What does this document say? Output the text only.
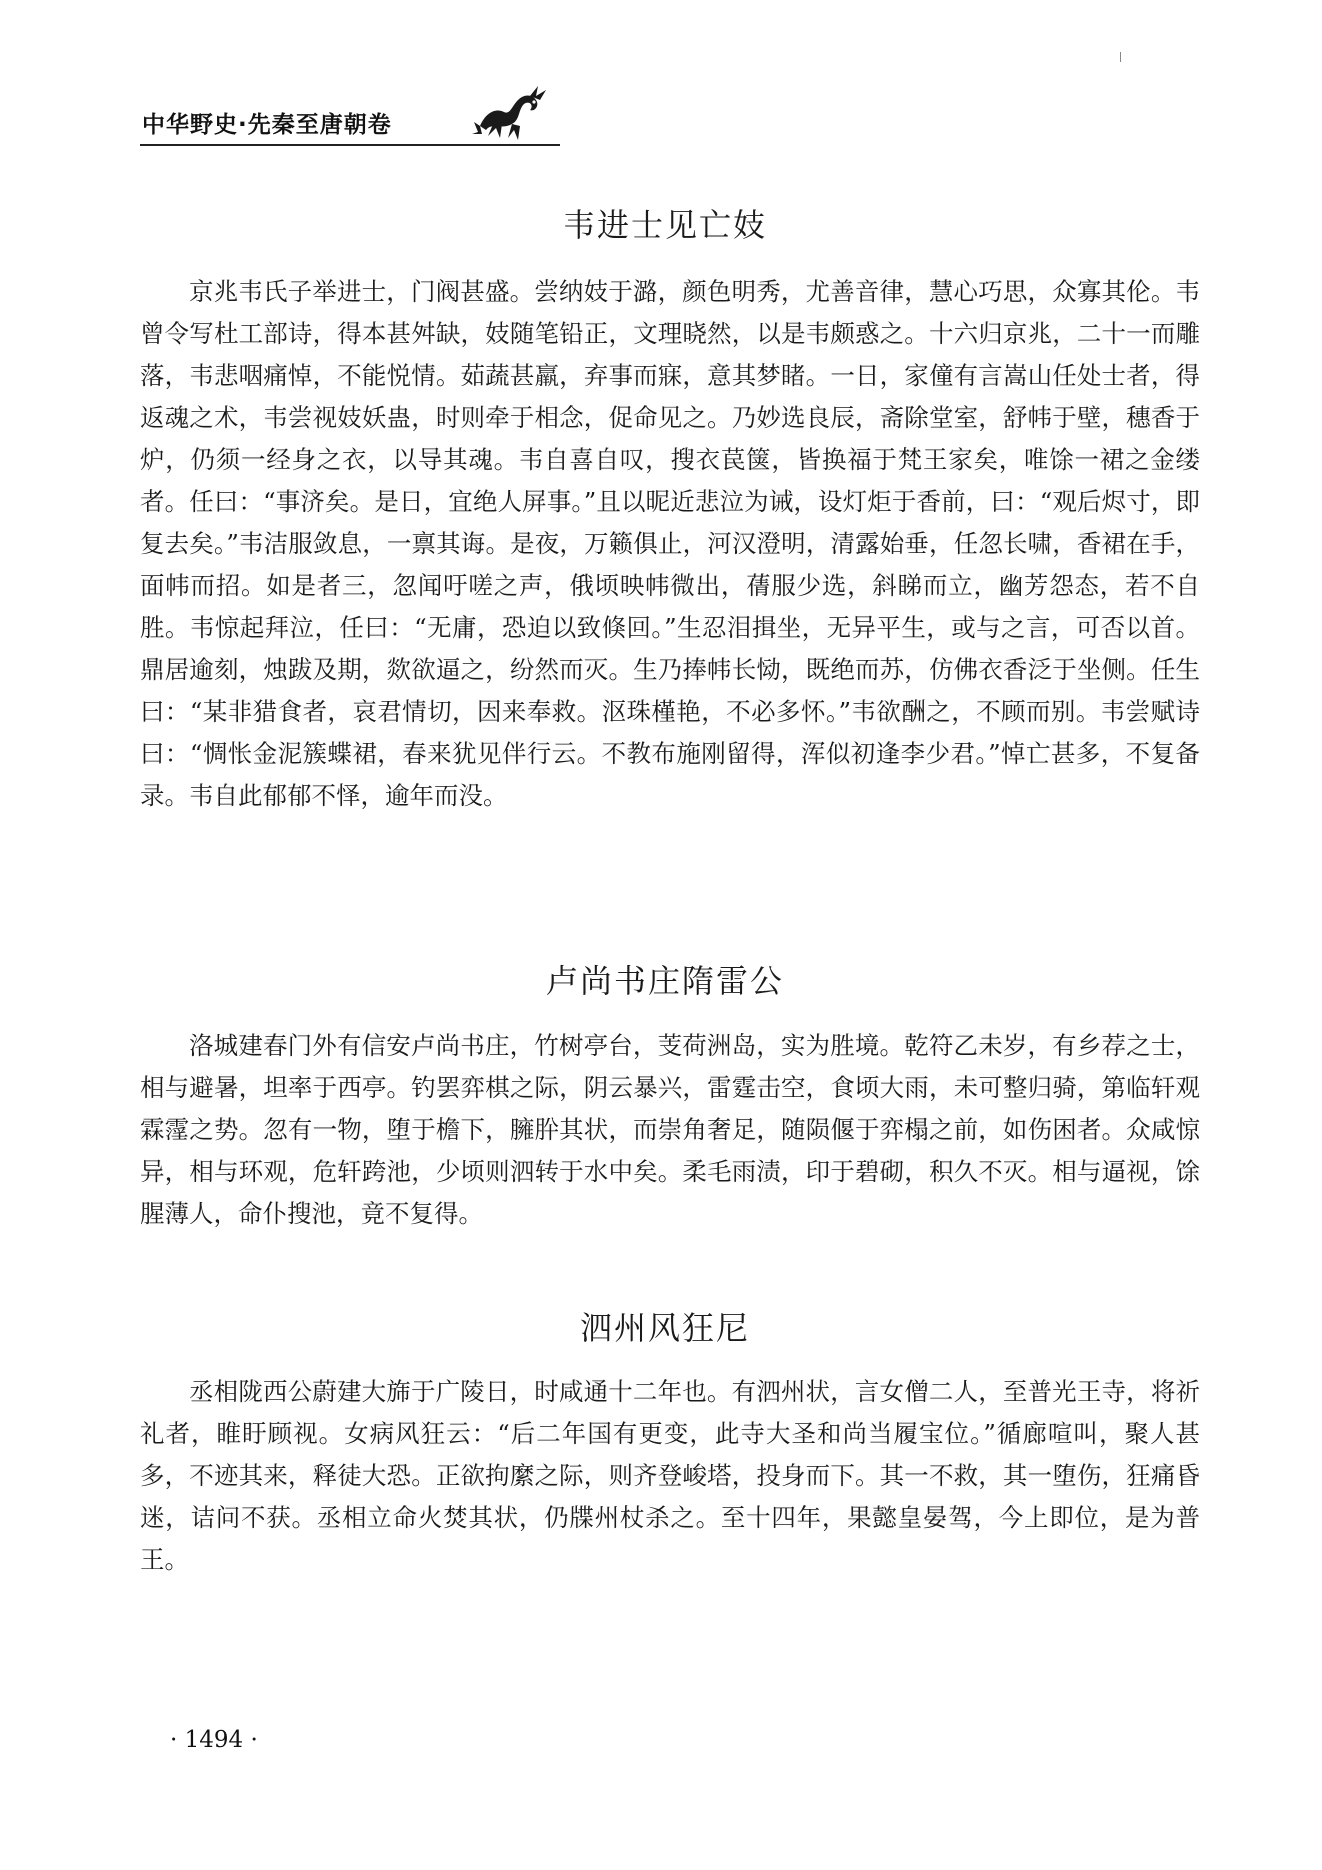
中华野史·先秦至唐朝卷
韦进士见亡妓

京兆韦氏子举进士，门阀甚盛。尝纳妓于潞，颜色明秀，尤善音律，慧心巧思，众寡其伦。韦曾令写杜工部诗，得本甚舛缺，妓随笔铅正，文理晓然，以是韦颇惑之。十六归京兆，二十一而雕落，韦悲咽痛悼，不能悦情。茹蔬甚羸，弃事而寐，意其梦睹。一日，家僮有言嵩山任处士者，得返魂之术，韦尝视妓妖蛊，时则牵于相念，促命见之。乃妙选良辰，斋除堂室，舒帏于壁，穗香于炉，仍须一经身之衣，以导其魂。韦自喜自叹，搜衣苠箧，皆换福于梵王家矣，唯馀一裙之金缕者。任曰：“事济矣。是日，宜绝人屏事。”且以昵近悲泣为诫，设灯炬于香前，曰：“观后烬寸，即复去矣。”韦洁服敛息，一禀其诲。是夜，万籁俱止，河汉澄明，清露始垂，任忽长啸，香裙在手，面帏而招。如是者三，忽闻吁嗟之声，俄顷映帏微出，蒨服少选，斜睇而立，幽芳怨态，若不自胜。韦惊起拜泣，任曰：“无庸，恐迫以致倏回。”生忍泪揖坐，无异平生，或与之言，可否以首。鼎居逾刻，烛跋及期，欻欲逼之，纷然而灭。生乃捧帏长恸，既绝而苏，仿佛衣香泛于坐侧。任生曰：“某非猎食者，哀君情切，因来奉救。沤珠槿艳，不必多怀。”韦欲酬之，不顾而别。韦尝赋诗曰：“惆怅金泥簇蝶裙，春来犹见伴行云。不教布施刚留得，浑似初逢李少君。”悼亡甚多，不复备录。韦自此郁郁不怿，逾年而没。

卢尚书庄隋雷公

洛城建春门外有信安卢尚书庄，竹树亭台，芰荷洲岛，实为胜境。乾符乙未岁，有乡荐之士，相与避暑，坦率于西亭。钓罢弈棋之际，阴云暴兴，雷霆击空，食顷大雨，未可整归骑，第临轩观霖霪之势。忽有一物，堕于檐下，臃肸其状，而崇角奢足，随陨偃于弈榻之前，如伤困者。众咸惊异，相与环观，危轩跨池，少顷则泗转于水中矣。柔毛雨渍，印于碧砌，积久不灭。相与逼视，馀腥薄人，命仆搜池，竟不复得。

泗州风狂尼

丞相陇西公蔚建大旆于广陵日，时咸通十二年也。有泗州状，言女僧二人，至普光王寺，将祈礼者，睢盱顾视。女病风狂云：“后二年国有更变，此寺大圣和尚当履宝位。”循廊喧叫，聚人甚多，不迹其来，释徒大恐。正欲拘縻之际，则齐登峻塔，投身而下。其一不救，其一堕伤，狂痛昏迷，诘问不获。丞相立命火焚其状，仍牒州杖杀之。至十四年，果懿皇晏驾，今上即位，是为普王。

· 1494 ·
